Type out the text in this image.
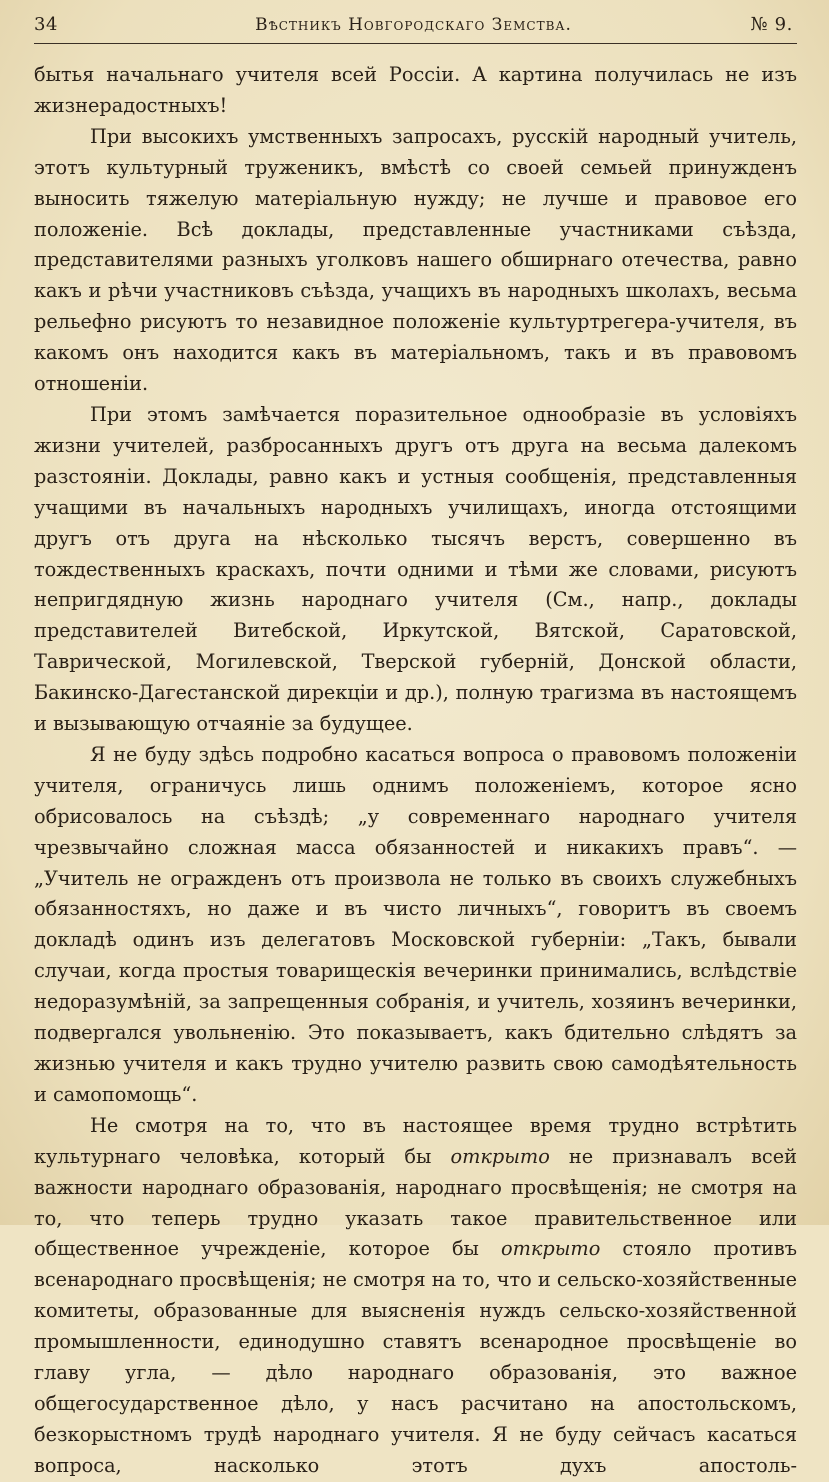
34	Вѣстникъ Новгородскаго Земства.	№ 9.

бытья начальнаго учителя всей Россіи. А картина получилась не изъ жизнерадостныхъ!

При высокихъ умственныхъ запросахъ, русскій народный учитель, этотъ культурный труженикъ, вмѣстѣ со своей семьей принужденъ выносить тяжелую матеріальную нужду; не лучше и правовое его положеніе. Всѣ доклады, представленные участниками съѣзда, представителями разныхъ уголковъ нашего обширнаго отечества, равно какъ и рѣчи участниковъ съѣзда, учащихъ въ народныхъ школахъ, весьма рельефно рисуютъ то незавидное положеніе культуртрегера-учителя, въ какомъ онъ находится какъ въ матеріальномъ, такъ и въ правовомъ отношеніи.

При этомъ замѣчается поразительное однообразіе въ условіяхъ жизни учителей, разбросанныхъ другъ отъ друга на весьма далекомъ разстояніи. Доклады, равно какъ и устныя сообщенія, представленныя учащими въ начальныхъ народныхъ училищахъ, иногда отстоящими другъ отъ друга на нѣсколько тысячъ верстъ, совершенно въ тождественныхъ краскахъ, почти одними и тѣми же словами, рисуютъ непригдядную жизнь народнаго учителя (См., напр., доклады представителей Витебской, Иркутской, Вятской, Саратовской, Таврической, Могилевской, Тверской губерній, Донской области, Бакинско-Дагестанской дирекціи и др.), полную трагизма въ настоящемъ и вызывающую отчаяніе за будущее.

Я не буду здѣсь подробно касаться вопроса о правовомъ положеніи учителя, ограничусь лишь однимъ положеніемъ, которое ясно обрисовалось на съѣздѣ; „у современнаго народнаго учителя чрезвычайно сложная масса обязанностей и никакихъ правъ“. — „Учитель не огражденъ отъ произвола не только въ своихъ служебныхъ обязанностяхъ, но даже и въ чисто личныхъ“, говоритъ въ своемъ докладѣ одинъ изъ делегатовъ Московской губерніи: „Такъ, бывали случаи, когда простыя товарищескія вечеринки принимались, вслѣдствіе недоразумѣній, за запрещенныя собранія, и учитель, хозяинъ вечеринки, подвергался увольненію. Это показываетъ, какъ бдительно слѣдятъ за жизнью учителя и какъ трудно учителю развить свою самодѣятельность и самопомощь“.

Не смотря на то, что въ настоящее время трудно встрѣтить культурнаго человѣка, который бы открыто не признавалъ всей важности народнаго образованія, народнаго просвѣщенія; не смотря на то, что теперь трудно указать такое правительственное или общественное учрежденіе, которое бы открыто стояло противъ всенароднаго просвѣщенія; не смотря на то, что и сельско-хозяйственные комитеты, образованные для выясненія нуждъ сельско-хозяйственной промышленности, единодушно ставятъ всенародное просвѣщеніе во главу угла, — дѣло народнаго образованія, это важное общегосударственное дѣло, у насъ расчитано на апостольскомъ, безкорыстномъ трудѣ народнаго учителя. Я не буду сейчасъ касаться вопроса, насколько этотъ духъ апостоль-
